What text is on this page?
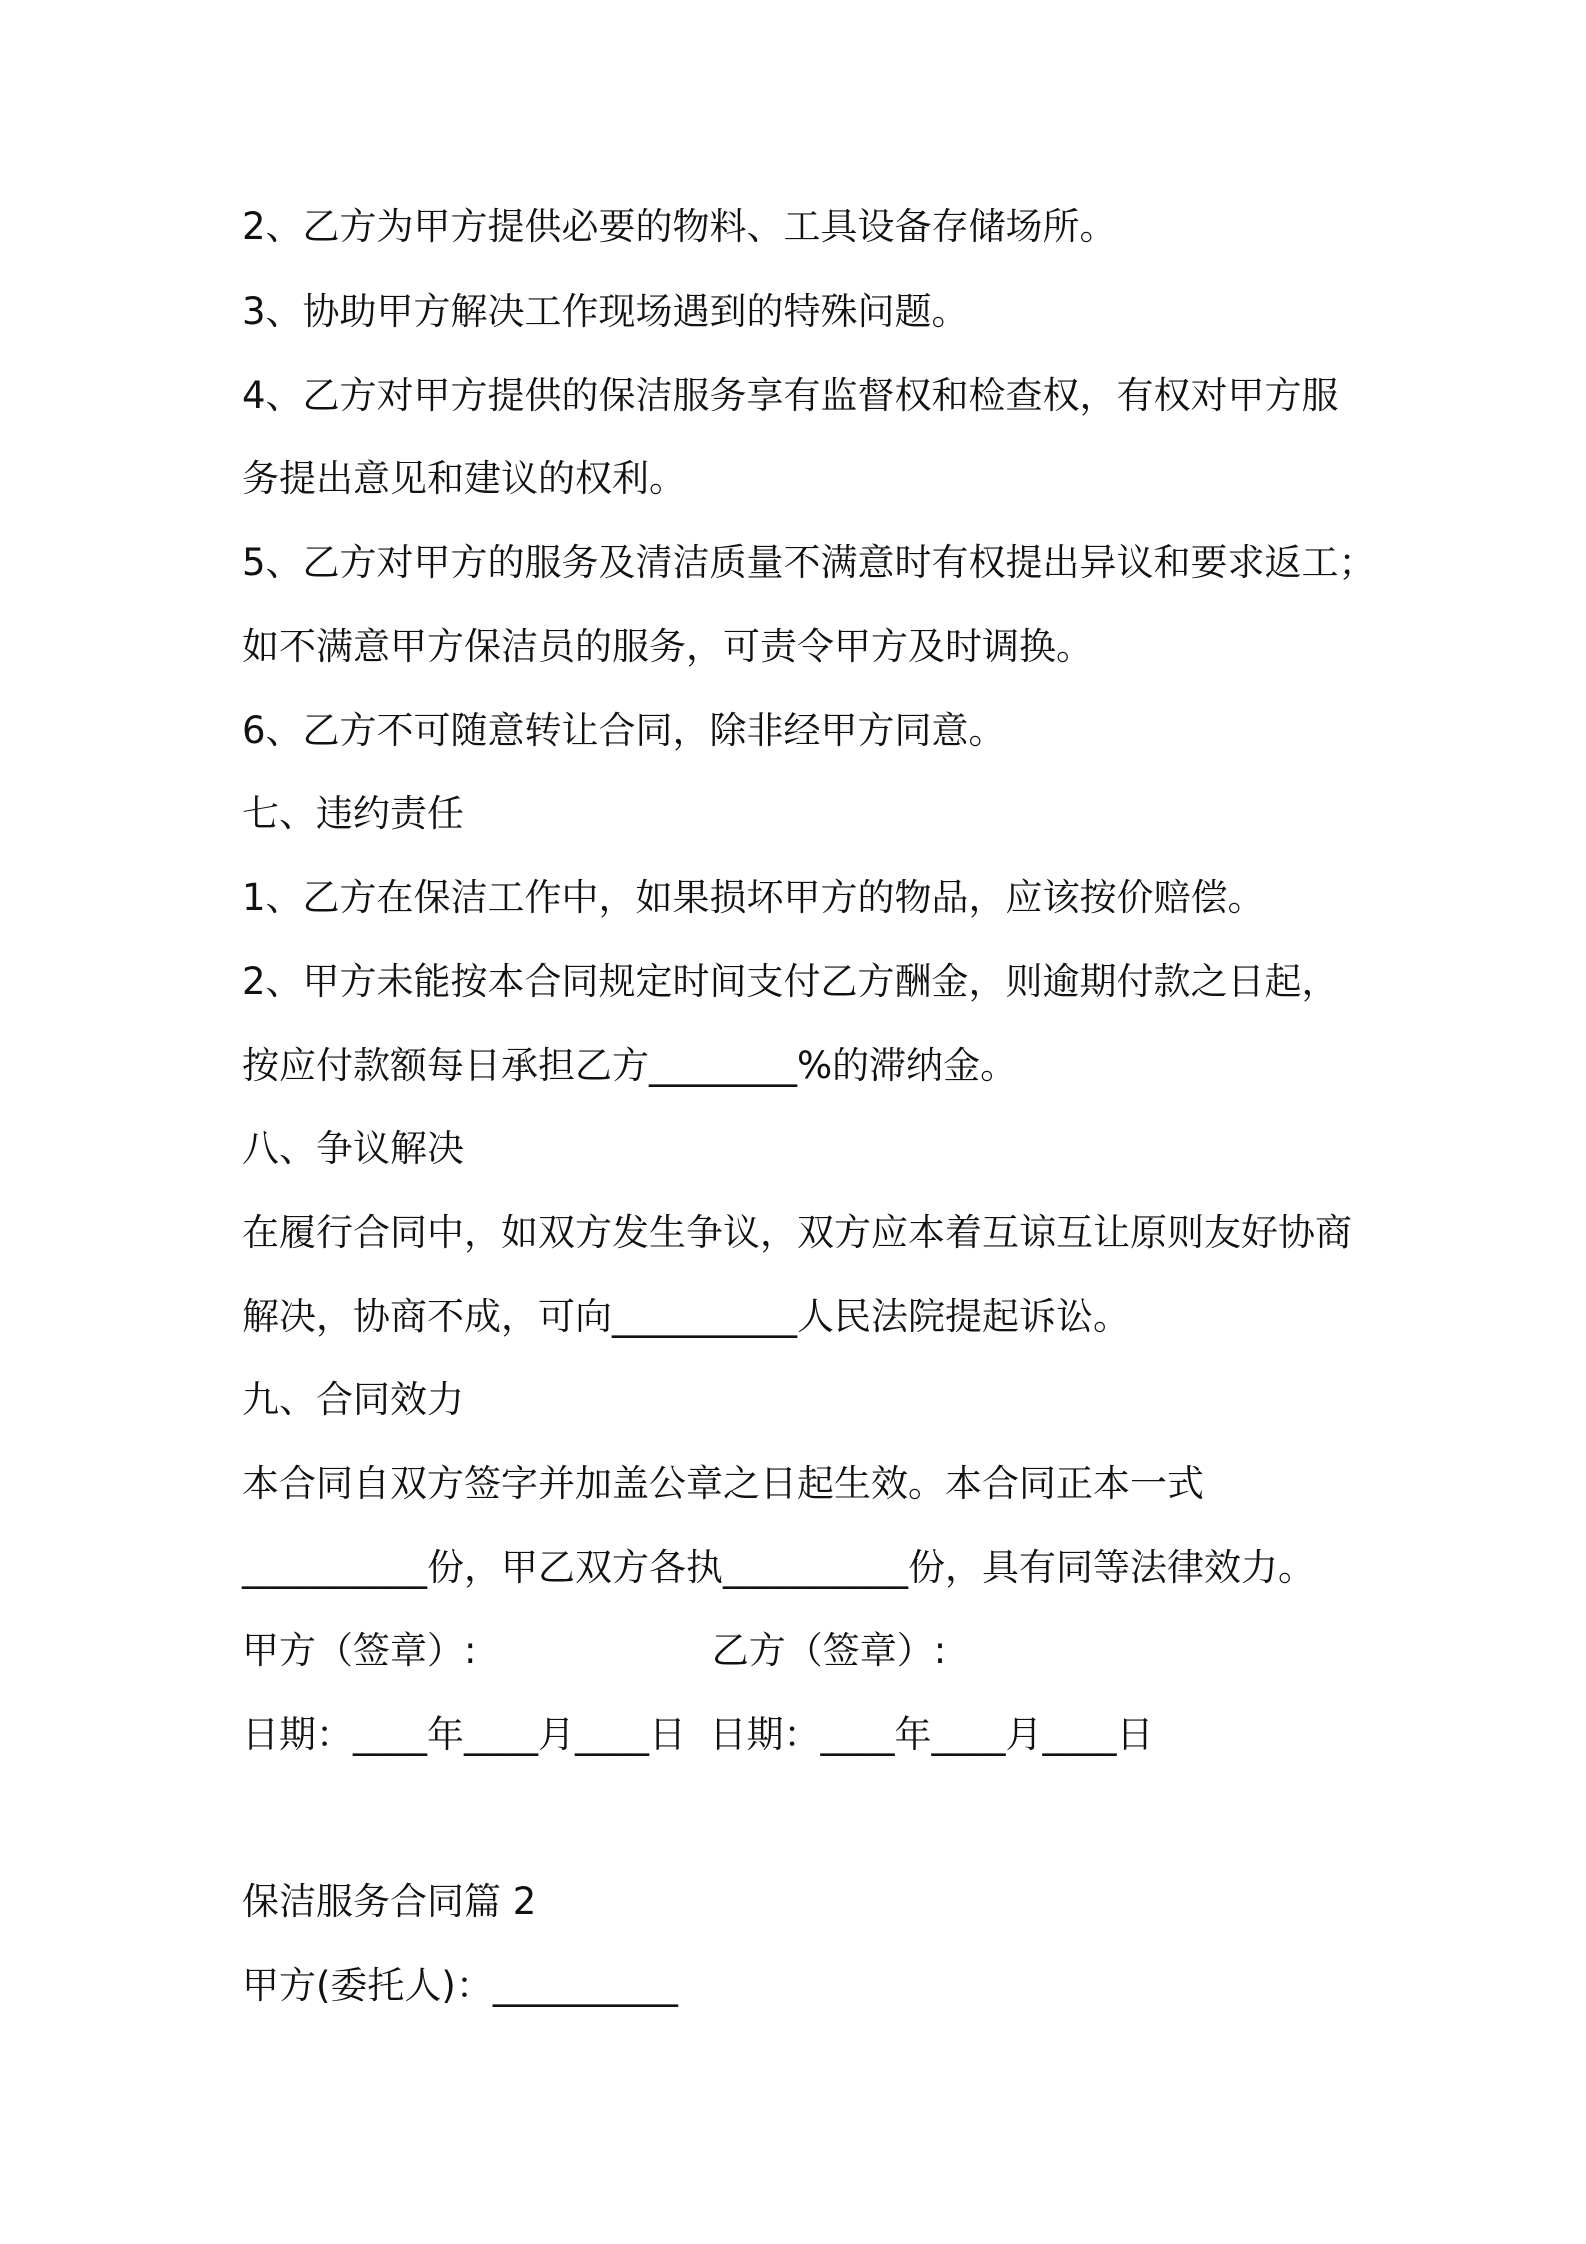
2、乙方为甲方提供必要的物料、工具设备存储场所。

3、协助甲方解决工作现场遇到的特殊问题。

4、乙方对甲方提供的保洁服务享有监督权和检查权，有权对甲方服

务提出意见和建议的权利。

5、乙方对甲方的服务及清洁质量不满意时有权提出异议和要求返工；

如不满意甲方保洁员的服务，可责令甲方及时调换。

6、乙方不可随意转让合同，除非经甲方同意。

七、违约责任

1、乙方在保洁工作中，如果损坏甲方的物品，应该按价赔偿。

2、甲方未能按本合同规定时间支付乙方酬金，则逾期付款之日起，

按应付款额每日承担乙方________%的滞纳金。

八、争议解决

在履行合同中，如双方发生争议，双方应本着互谅互让原则友好协商

解决，协商不成，可向__________人民法院提起诉讼。

九、合同效力

本合同自双方签字并加盖公章之日起生效。本合同正本一式

__________份，甲乙双方各执__________份，具有同等法律效力。

甲方（签章）:                    乙方（签章）:

日期：____年____月____日  日期：____年____月____日

保洁服务合同篇 2

甲方(委托人)：__________
